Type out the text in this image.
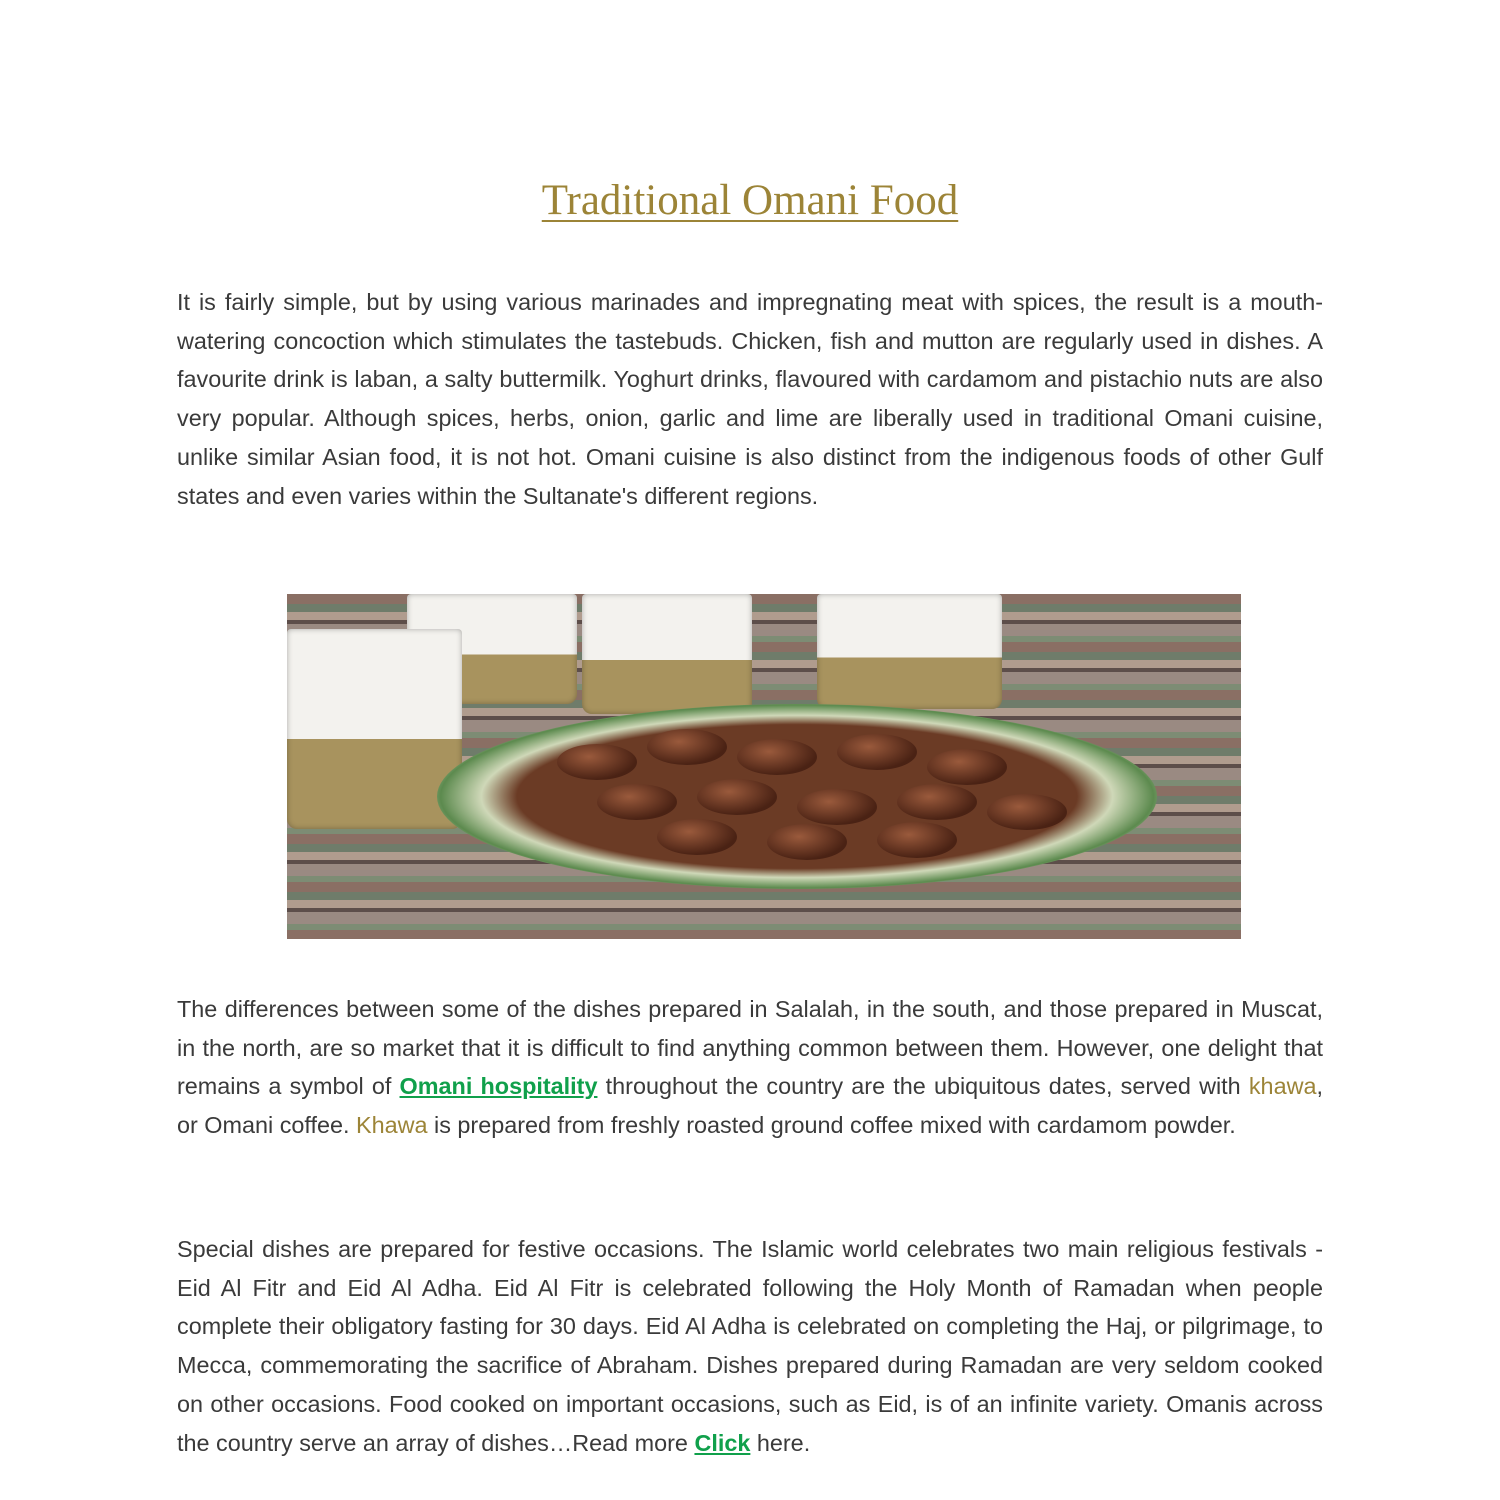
Traditional Omani Food

It is fairly simple, but by using various marinades and impregnating meat with spices, the result is a mouth-watering concoction which stimulates the tastebuds. Chicken, fish and mutton are regularly used in dishes. A favourite drink is laban, a salty buttermilk. Yoghurt drinks, flavoured with cardamom and pistachio nuts are also very popular. Although spices, herbs, onion, garlic and lime are liberally used in traditional Omani cuisine, unlike similar Asian food, it is not hot. Omani cuisine is also distinct from the indigenous foods of other Gulf states and even varies within the Sultanate's different regions.

The differences between some of the dishes prepared in Salalah, in the south, and those prepared in Muscat, in the north, are so market that it is difficult to find anything common between them. However, one delight that remains a symbol of Omani hospitality throughout the country are the ubiquitous dates, served with khawa, or Omani coffee. Khawa is prepared from freshly roasted ground coffee mixed with cardamom powder.

Special dishes are prepared for festive occasions. The Islamic world celebrates two main religious festivals - Eid Al Fitr and Eid Al Adha. Eid Al Fitr is celebrated following the Holy Month of Ramadan when people complete their obligatory fasting for 30 days. Eid Al Adha is celebrated on completing the Haj, or pilgrimage, to Mecca, commemorating the sacrifice of Abraham. Dishes prepared during Ramadan are very seldom cooked on other occasions. Food cooked on important occasions, such as Eid, is of an infinite variety. Omanis across the country serve an array of dishes…Read more Click here.
